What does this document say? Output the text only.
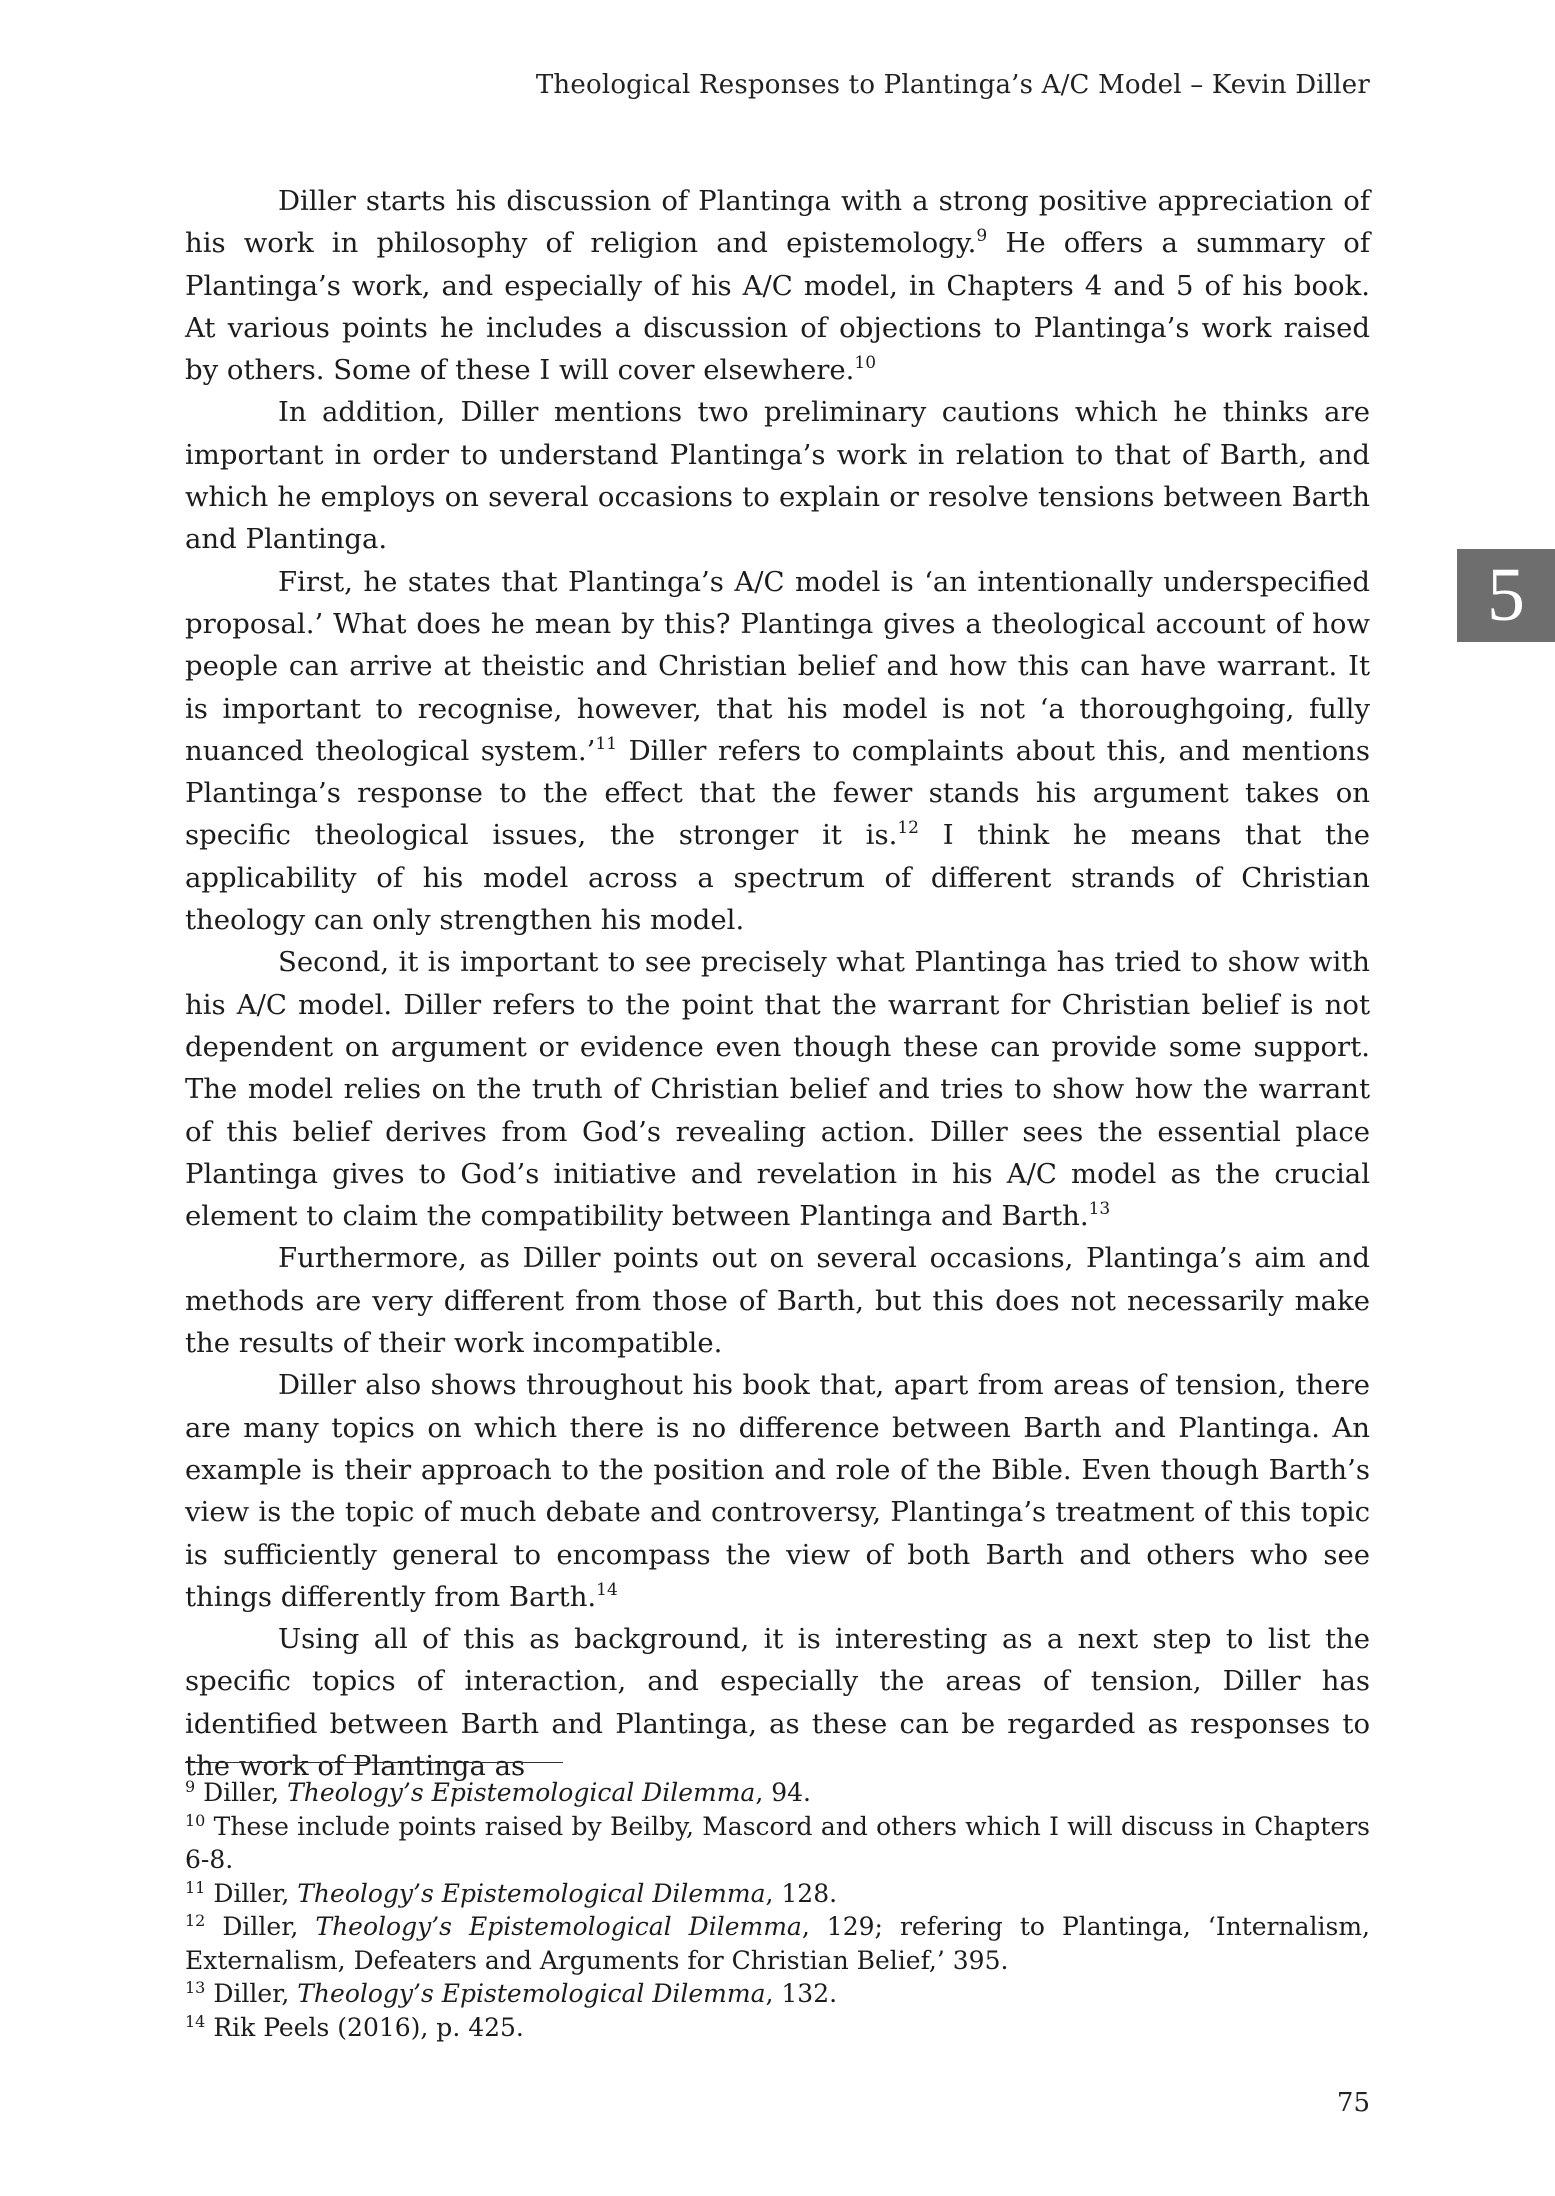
Theological Responses to Plantinga’s A/C Model – Kevin Diller
5

Diller starts his discussion of Plantinga with a strong positive appreciation of his work in philosophy of religion and epistemology.$^9$ He offers a summary of Plantinga’s work, and especially of his A/C model, in Chapters 4 and 5 of his book. At various points he includes a discussion of objections to Plantinga’s work raised by others. Some of these I will cover elsewhere.$^{10}$

In addition, Diller mentions two preliminary cautions which he thinks are important in order to understand Plantinga’s work in relation to that of Barth, and which he employs on several occasions to explain or resolve tensions between Barth and Plantinga.

First, he states that Plantinga’s A/C model is ‘an intentionally underspecified proposal.’ What does he mean by this? Plantinga gives a theological account of how people can arrive at theistic and Christian belief and how this can have warrant. It is important to recognise, however, that his model is not ‘a thoroughgoing, fully nuanced theological system.’$^{11}$ Diller refers to complaints about this, and mentions Plantinga’s response to the effect that the fewer stands his argument takes on specific theological issues, the stronger it is.$^{12}$ I think he means that the applicability of his model across a spectrum of different strands of Christian theology can only strengthen his model.

Second, it is important to see precisely what Plantinga has tried to show with his A/C model. Diller refers to the point that the warrant for Christian belief is not dependent on argument or evidence even though these can provide some support. The model relies on the truth of Christian belief and tries to show how the warrant of this belief derives from God’s revealing action. Diller sees the essential place Plantinga gives to God’s initiative and revelation in his A/C model as the crucial element to claim the compatibility between Plantinga and Barth.$^{13}$

Furthermore, as Diller points out on several occasions, Plantinga’s aim and methods are very different from those of Barth, but this does not necessarily make the results of their work incompatible.

Diller also shows throughout his book that, apart from areas of tension, there are many topics on which there is no difference between Barth and Plantinga. An example is their approach to the position and role of the Bible. Even though Barth’s view is the topic of much debate and controversy, Plantinga’s treatment of this topic is sufficiently general to encompass the view of both Barth and others who see things differently from Barth.$^{14}$

Using all of this as background, it is interesting as a next step to list the specific topics of interaction, and especially the areas of tension, Diller has identified between Barth and Plantinga, as these can be regarded as responses to the work of Plantinga as

$^9$ Diller, Theology’s Epistemological Dilemma, 94.

$^{10}$ These include points raised by Beilby, Mascord and others which I will discuss in Chapters 6-8.

$^{11}$ Diller, Theology’s Epistemological Dilemma, 128.

$^{12}$ Diller, Theology’s Epistemological Dilemma, 129; refering to Plantinga, ‘Internalism, Externalism, Defeaters and Arguments for Christian Belief,’ 395.

$^{13}$ Diller, Theology’s Epistemological Dilemma, 132.

$^{14}$ Rik Peels (2016), p. 425.

75
